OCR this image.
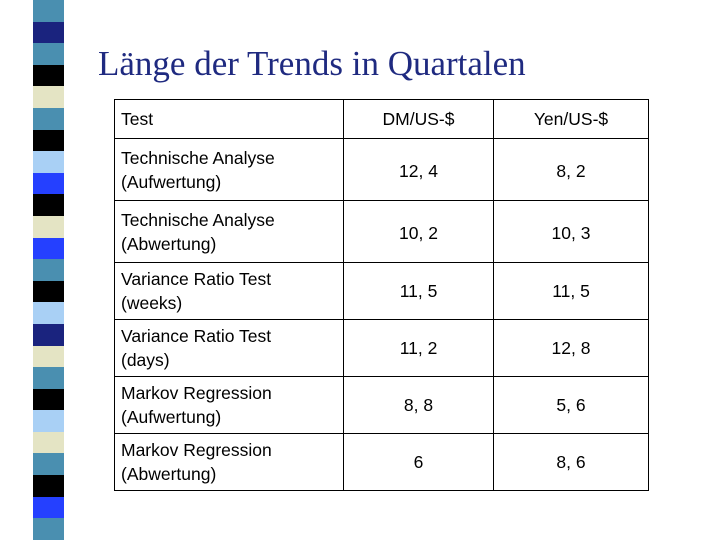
Länge der Trends in Quartalen
Test	DM/US-$	Yen/US-$

Technische Analyse
(Aufwertung)	12, 4	8, 2

Technische Analyse
(Abwertung)	10, 2	10, 3

Variance Ratio Test
(weeks)	11, 5	11, 5

Variance Ratio Test
(days)	11, 2	12, 8

Markov Regression
(Aufwertung)	8, 8	5, 6

Markov Regression
(Abwertung)	6	8, 6
